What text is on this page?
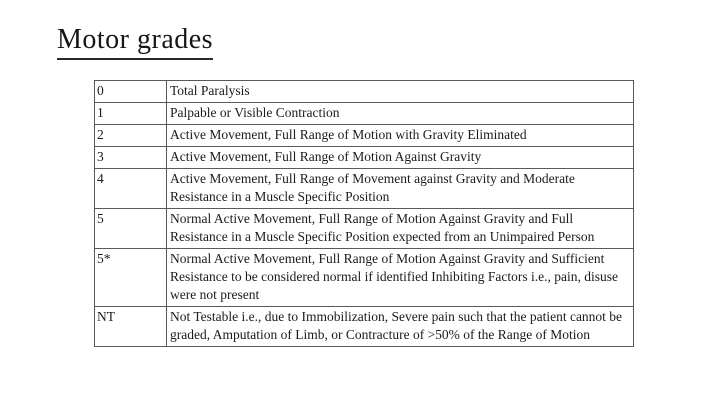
Motor grades
0	Total Paralysis
1	Palpable or Visible Contraction
2	Active Movement, Full Range of Motion with Gravity Eliminated
3	Active Movement, Full Range of Motion Against Gravity
4	Active Movement, Full Range of Movement against Gravity and Moderate Resistance in a Muscle Specific Position
5	Normal Active Movement, Full Range of Motion Against Gravity and Full Resistance in a Muscle Specific Position expected from an Unimpaired Person
5*	Normal Active Movement, Full Range of Motion Against Gravity and Sufficient Resistance to be considered normal if identified Inhibiting Factors i.e., pain, disuse were not present
NT	Not Testable i.e., due to Immobilization, Severe pain such that the patient cannot be graded, Amputation of Limb, or Contracture of >50% of the Range of Motion
